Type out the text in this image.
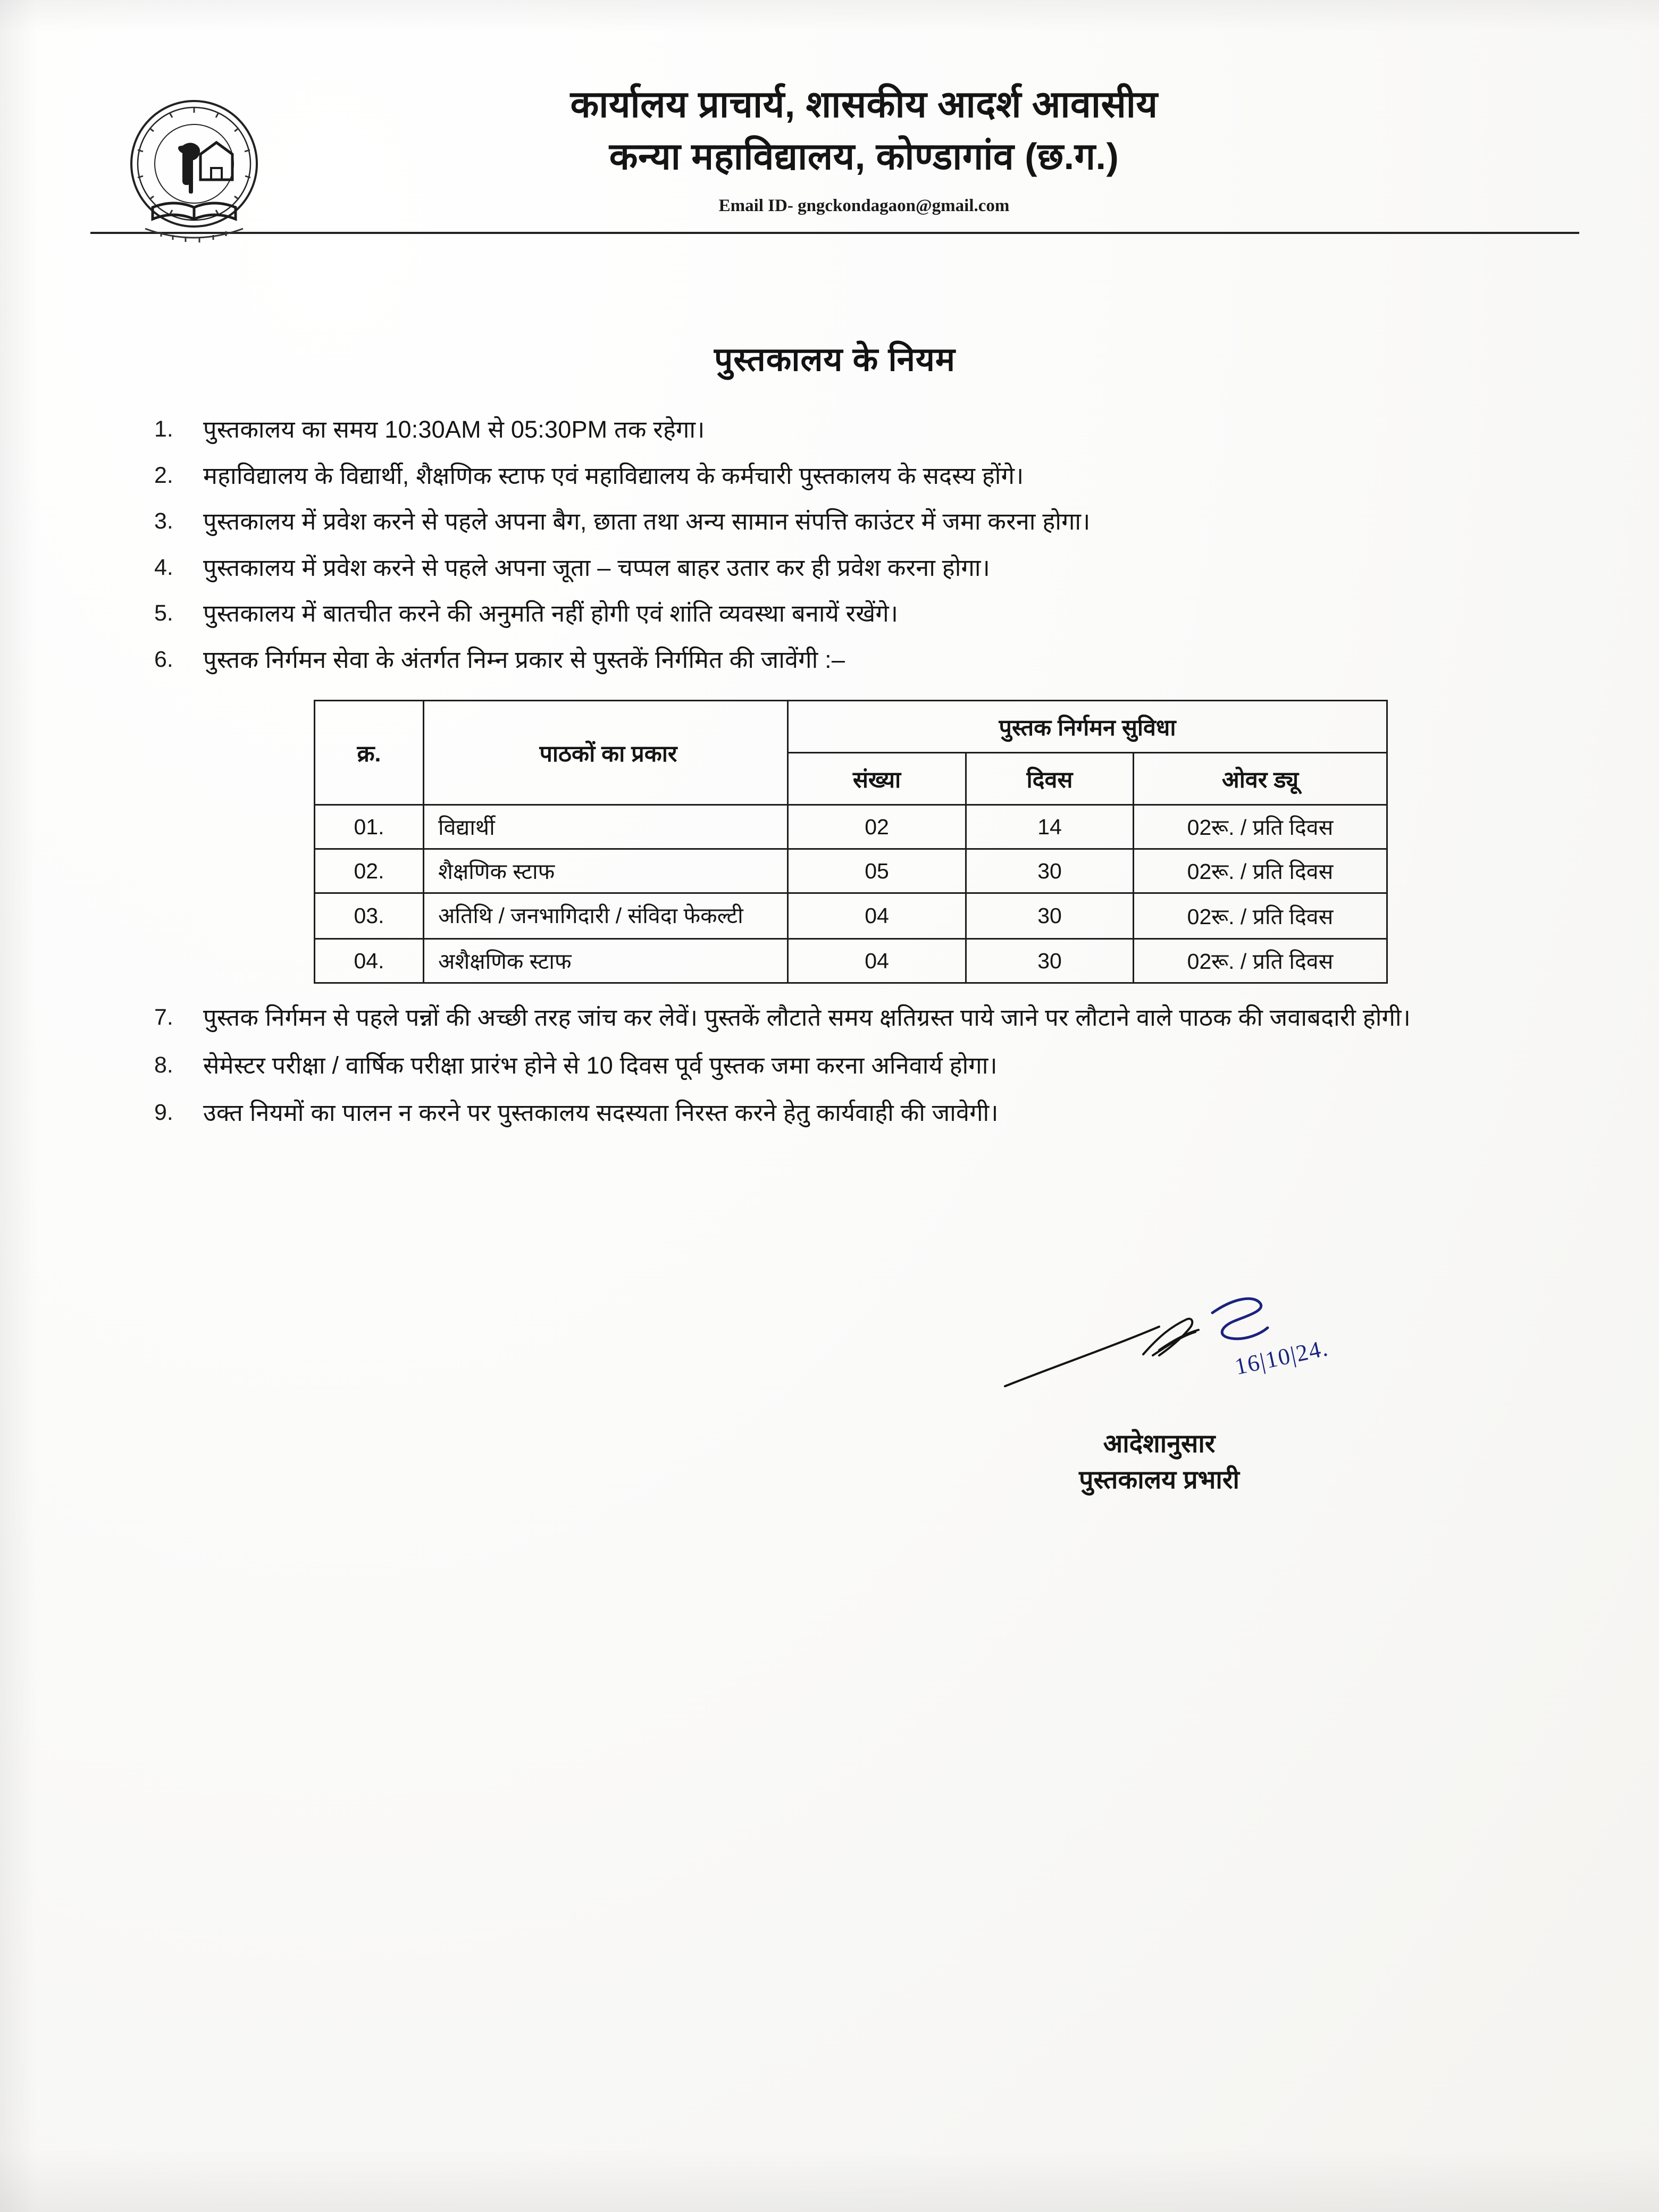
कार्यालय प्राचार्य, शासकीय आदर्श आवासीय
कन्या महाविद्यालय, कोण्डागांव (छ.ग.)
Email ID- gngckondagaon@gmail.com
पुस्तकालय के नियम
1.	पुस्तकालय का समय 10:30AM से 05:30PM तक रहेगा।
2.	महाविद्यालय के विद्यार्थी, शैक्षणिक स्टाफ एवं महाविद्यालय के कर्मचारी पुस्तकालय के सदस्य होंगे।
3.	पुस्तकालय में प्रवेश करने से पहले अपना बैग, छाता तथा अन्य सामान संपत्ति काउंटर में जमा करना होगा।
4.	पुस्तकालय में प्रवेश करने से पहले अपना जूता – चप्पल बाहर उतार कर ही प्रवेश करना होगा।
5.	पुस्तकालय में बातचीत करने की अनुमति नहीं होगी एवं शांति व्यवस्था बनायें रखेंगे।
6.	पुस्तक निर्गमन सेवा के अंतर्गत निम्न प्रकार से पुस्तकें निर्गमित की जावेंगी :–
क्र.	पाठकों का प्रकार	पुस्तक निर्गमन सुविधा		
		संख्या	दिवस	ओवर ड्यू
01.	विद्यार्थी	02	14	02रू. / प्रति दिवस
02.	शैक्षणिक स्टाफ	05	30	02रू. / प्रति दिवस
03.	अतिथि / जनभागिदारी / संविदा फेकल्टी	04	30	02रू. / प्रति दिवस
04.	अशैक्षणिक स्टाफ	04	30	02रू. / प्रति दिवस
7.	पुस्तक निर्गमन से पहले पन्नों की अच्छी तरह जांच कर लेवें। पुस्तकें लौटाते समय क्षतिग्रस्त पाये जाने पर लौटाने वाले पाठक की जवाबदारी होगी।
8.	सेमेस्टर परीक्षा / वार्षिक परीक्षा प्रारंभ होने से 10 दिवस पूर्व पुस्तक जमा करना अनिवार्य होगा।
9.	उक्त नियमों का पालन न करने पर पुस्तकालय सदस्यता निरस्त करने हेतु कार्यवाही की जावेगी।
16|10|24.
आदेशानुसार
पुस्तकालय प्रभारी
